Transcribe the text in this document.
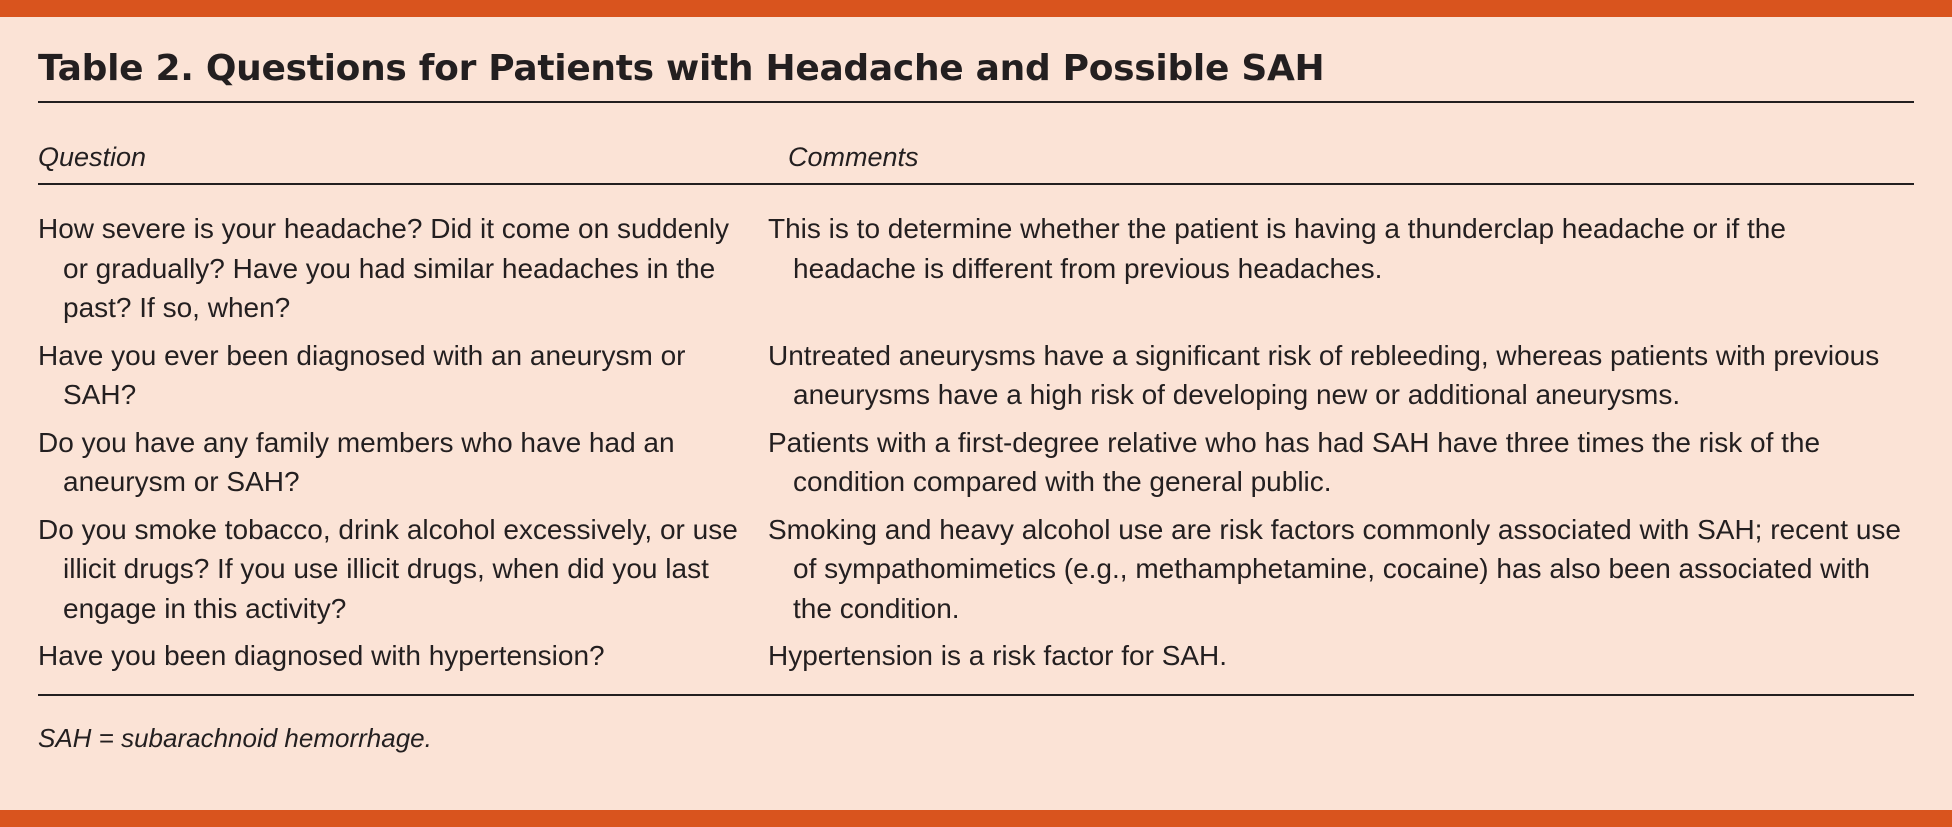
Table 2. Questions for Patients with Headache and Possible SAH
Question	Comments
How severe is your headache? Did it come on suddenly or gradually? Have you had similar headaches in the past? If so, when?
This is to determine whether the patient is having a thunderclap headache or if the headache is different from previous headaches.
Have you ever been diagnosed with an aneurysm or SAH?
Untreated aneurysms have a significant risk of rebleeding, whereas patients with previous aneurysms have a high risk of developing new or additional aneurysms.
Do you have any family members who have had an aneurysm or SAH?
Patients with a first-degree relative who has had SAH have three times the risk of the condition compared with the general public.
Do you smoke tobacco, drink alcohol excessively, or use illicit drugs? If you use illicit drugs, when did you last engage in this activity?
Smoking and heavy alcohol use are risk factors commonly associated with SAH; recent use of sympathomimetics (e.g., methamphetamine, cocaine) has also been associated with the condition.
Have you been diagnosed with hypertension?	Hypertension is a risk factor for SAH.
SAH = subarachnoid hemorrhage.
